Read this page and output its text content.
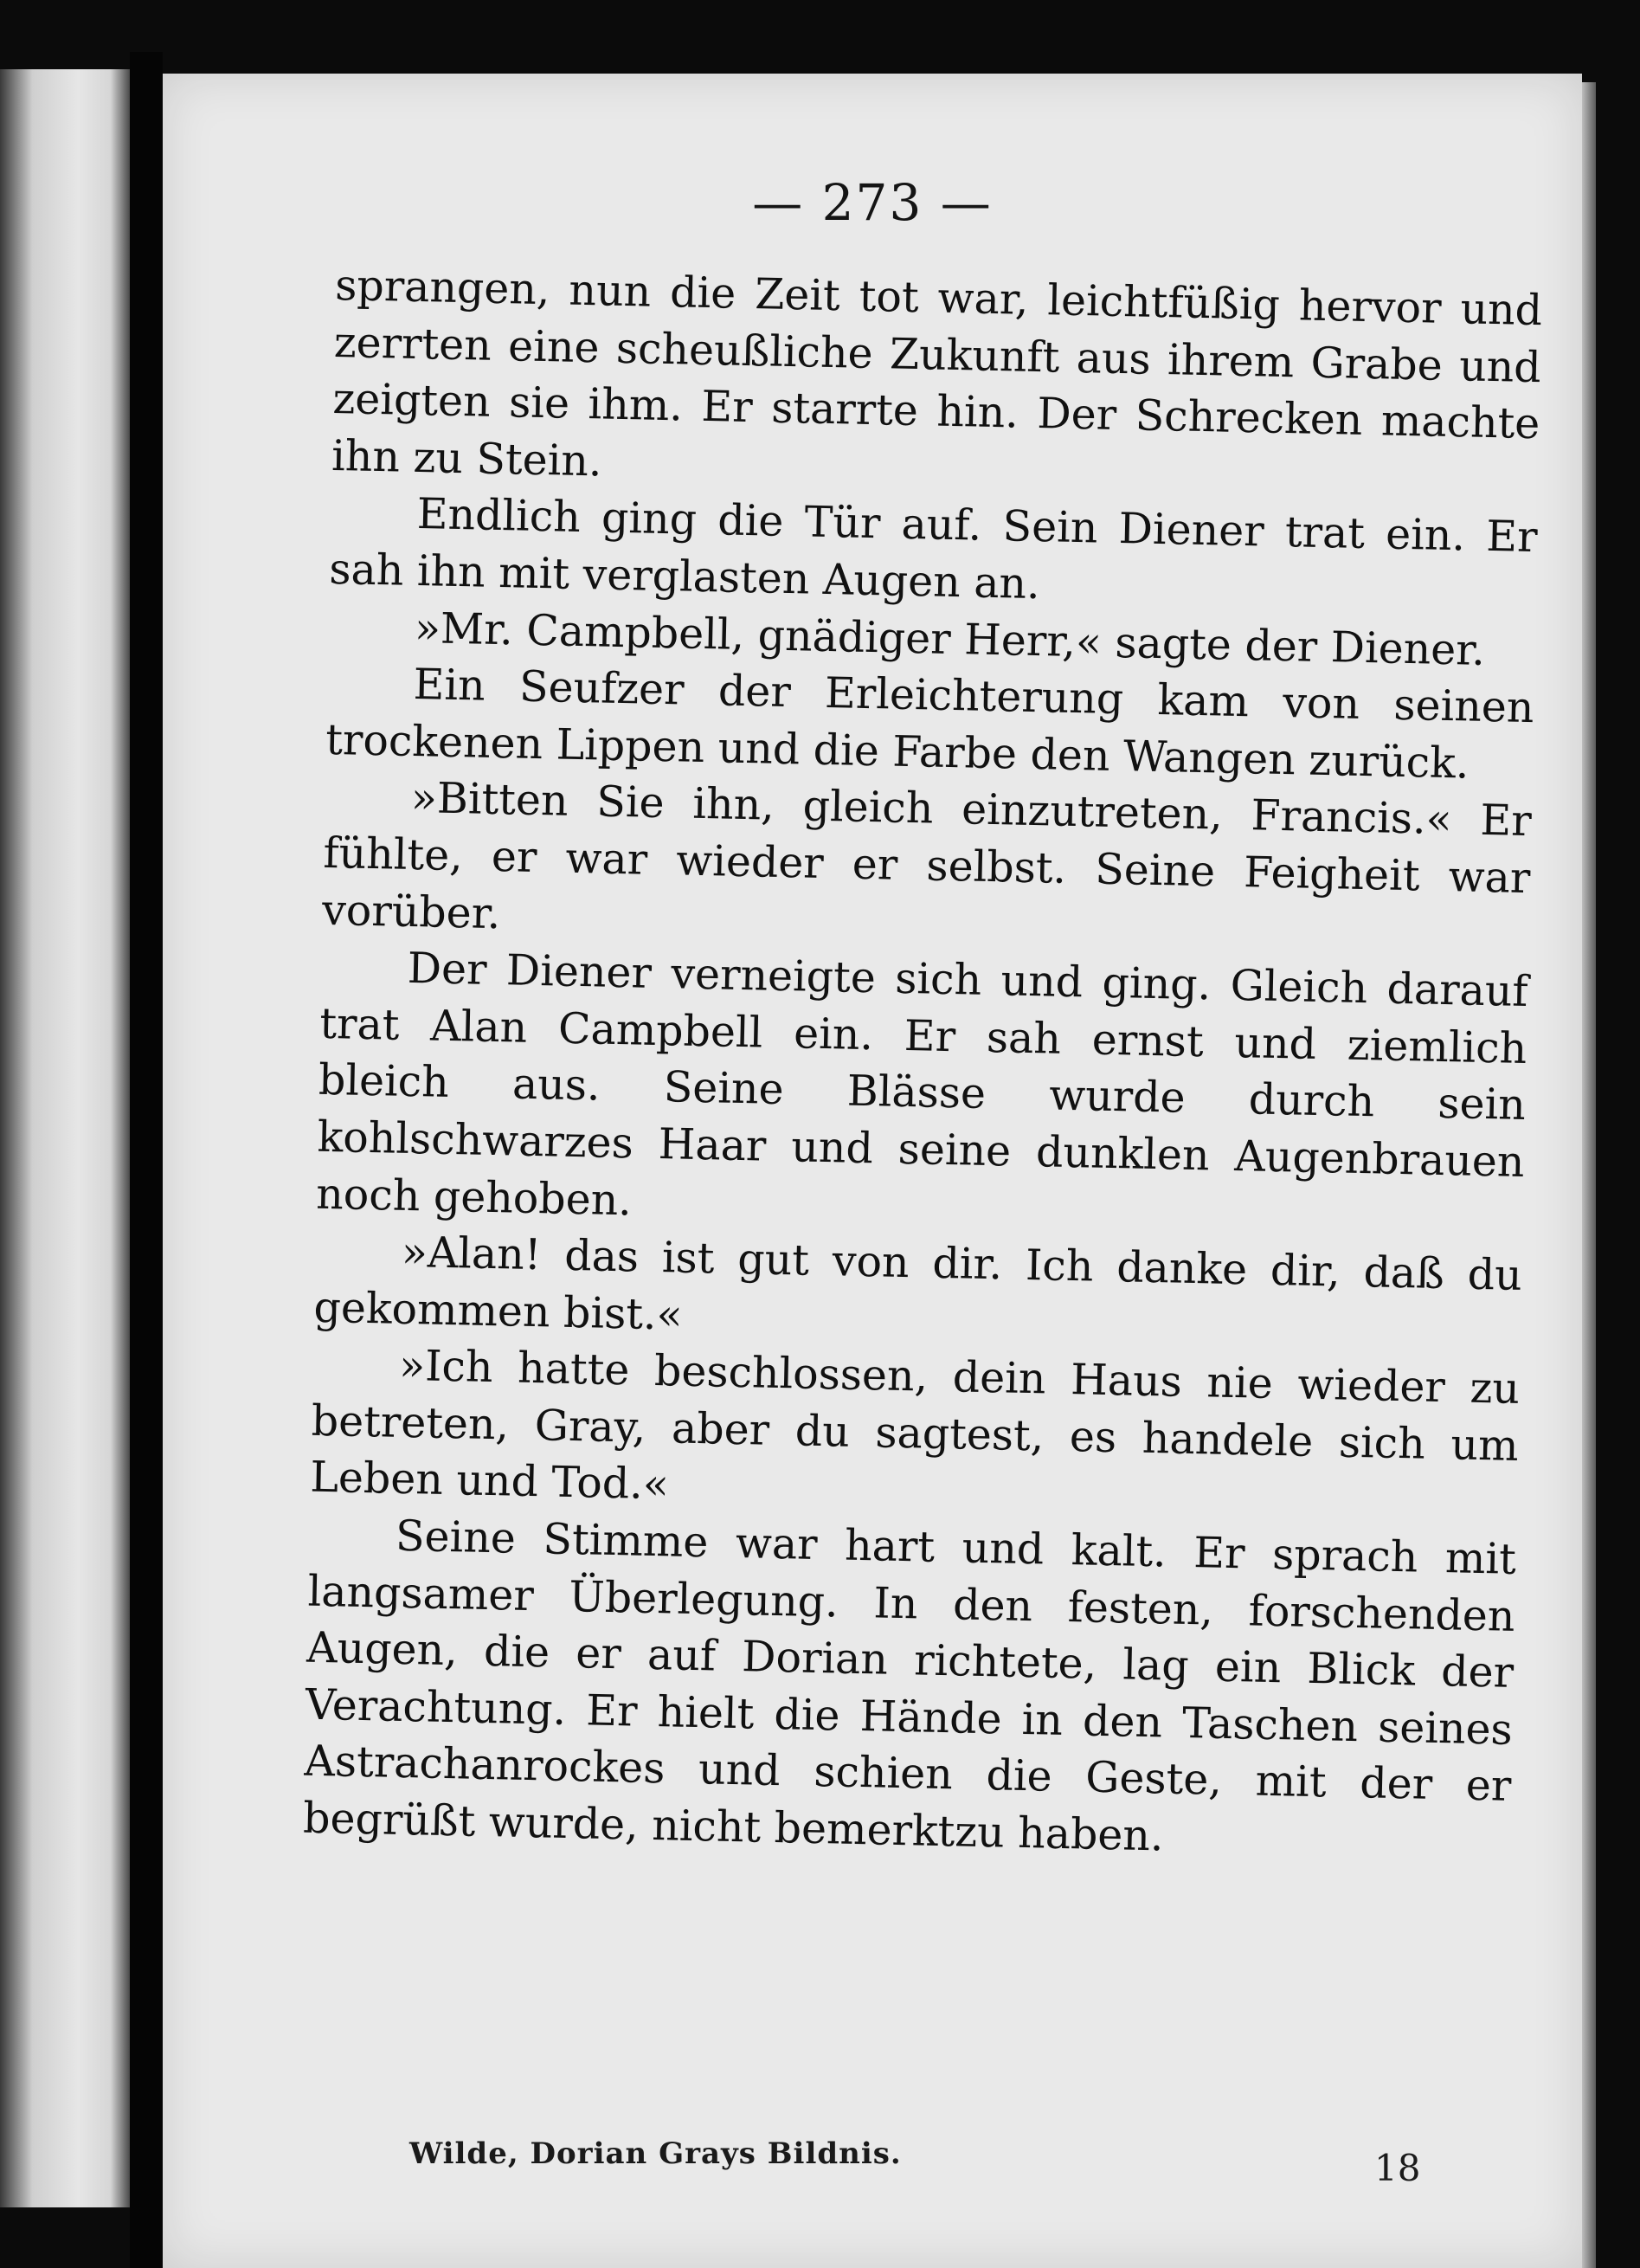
— 273 —

sprangen, nun die Zeit tot war, leichtfüßig hervor und zerrten eine scheußliche Zukunft aus ihrem Grabe und zeigten sie ihm. Er starrte hin. Der Schrecken machte ihn zu Stein.

Endlich ging die Tür auf. Sein Diener trat ein. Er sah ihn mit verglasten Augen an.

»Mr. Campbell, gnädiger Herr,« sagte der Diener.

Ein Seufzer der Erleichterung kam von seinen trockenen Lippen und die Farbe den Wangen zurück.

»Bitten Sie ihn, gleich einzutreten, Francis.« Er fühlte, er war wieder er selbst. Seine Feigheit war vorüber.

Der Diener verneigte sich und ging. Gleich darauf trat Alan Campbell ein. Er sah ernst und ziemlich bleich aus. Seine Blässe wurde durch sein kohlschwarzes Haar und seine dunklen Augenbrauen noch gehoben.

»Alan! das ist gut von dir. Ich danke dir, daß du gekommen bist.«

»Ich hatte beschlossen, dein Haus nie wieder zu betreten, Gray, aber du sagtest, es handele sich um Leben und Tod.«

Seine Stimme war hart und kalt. Er sprach mit langsamer Überlegung. In den festen, forschenden Augen, die er auf Dorian richtete, lag ein Blick der Verachtung. Er hielt die Hände in den Taschen seines Astrachanrockes und schien die Geste, mit der er begrüßt wurde, nicht bemerktzu haben.

Wilde, Dorian Grays Bildnis.	18
